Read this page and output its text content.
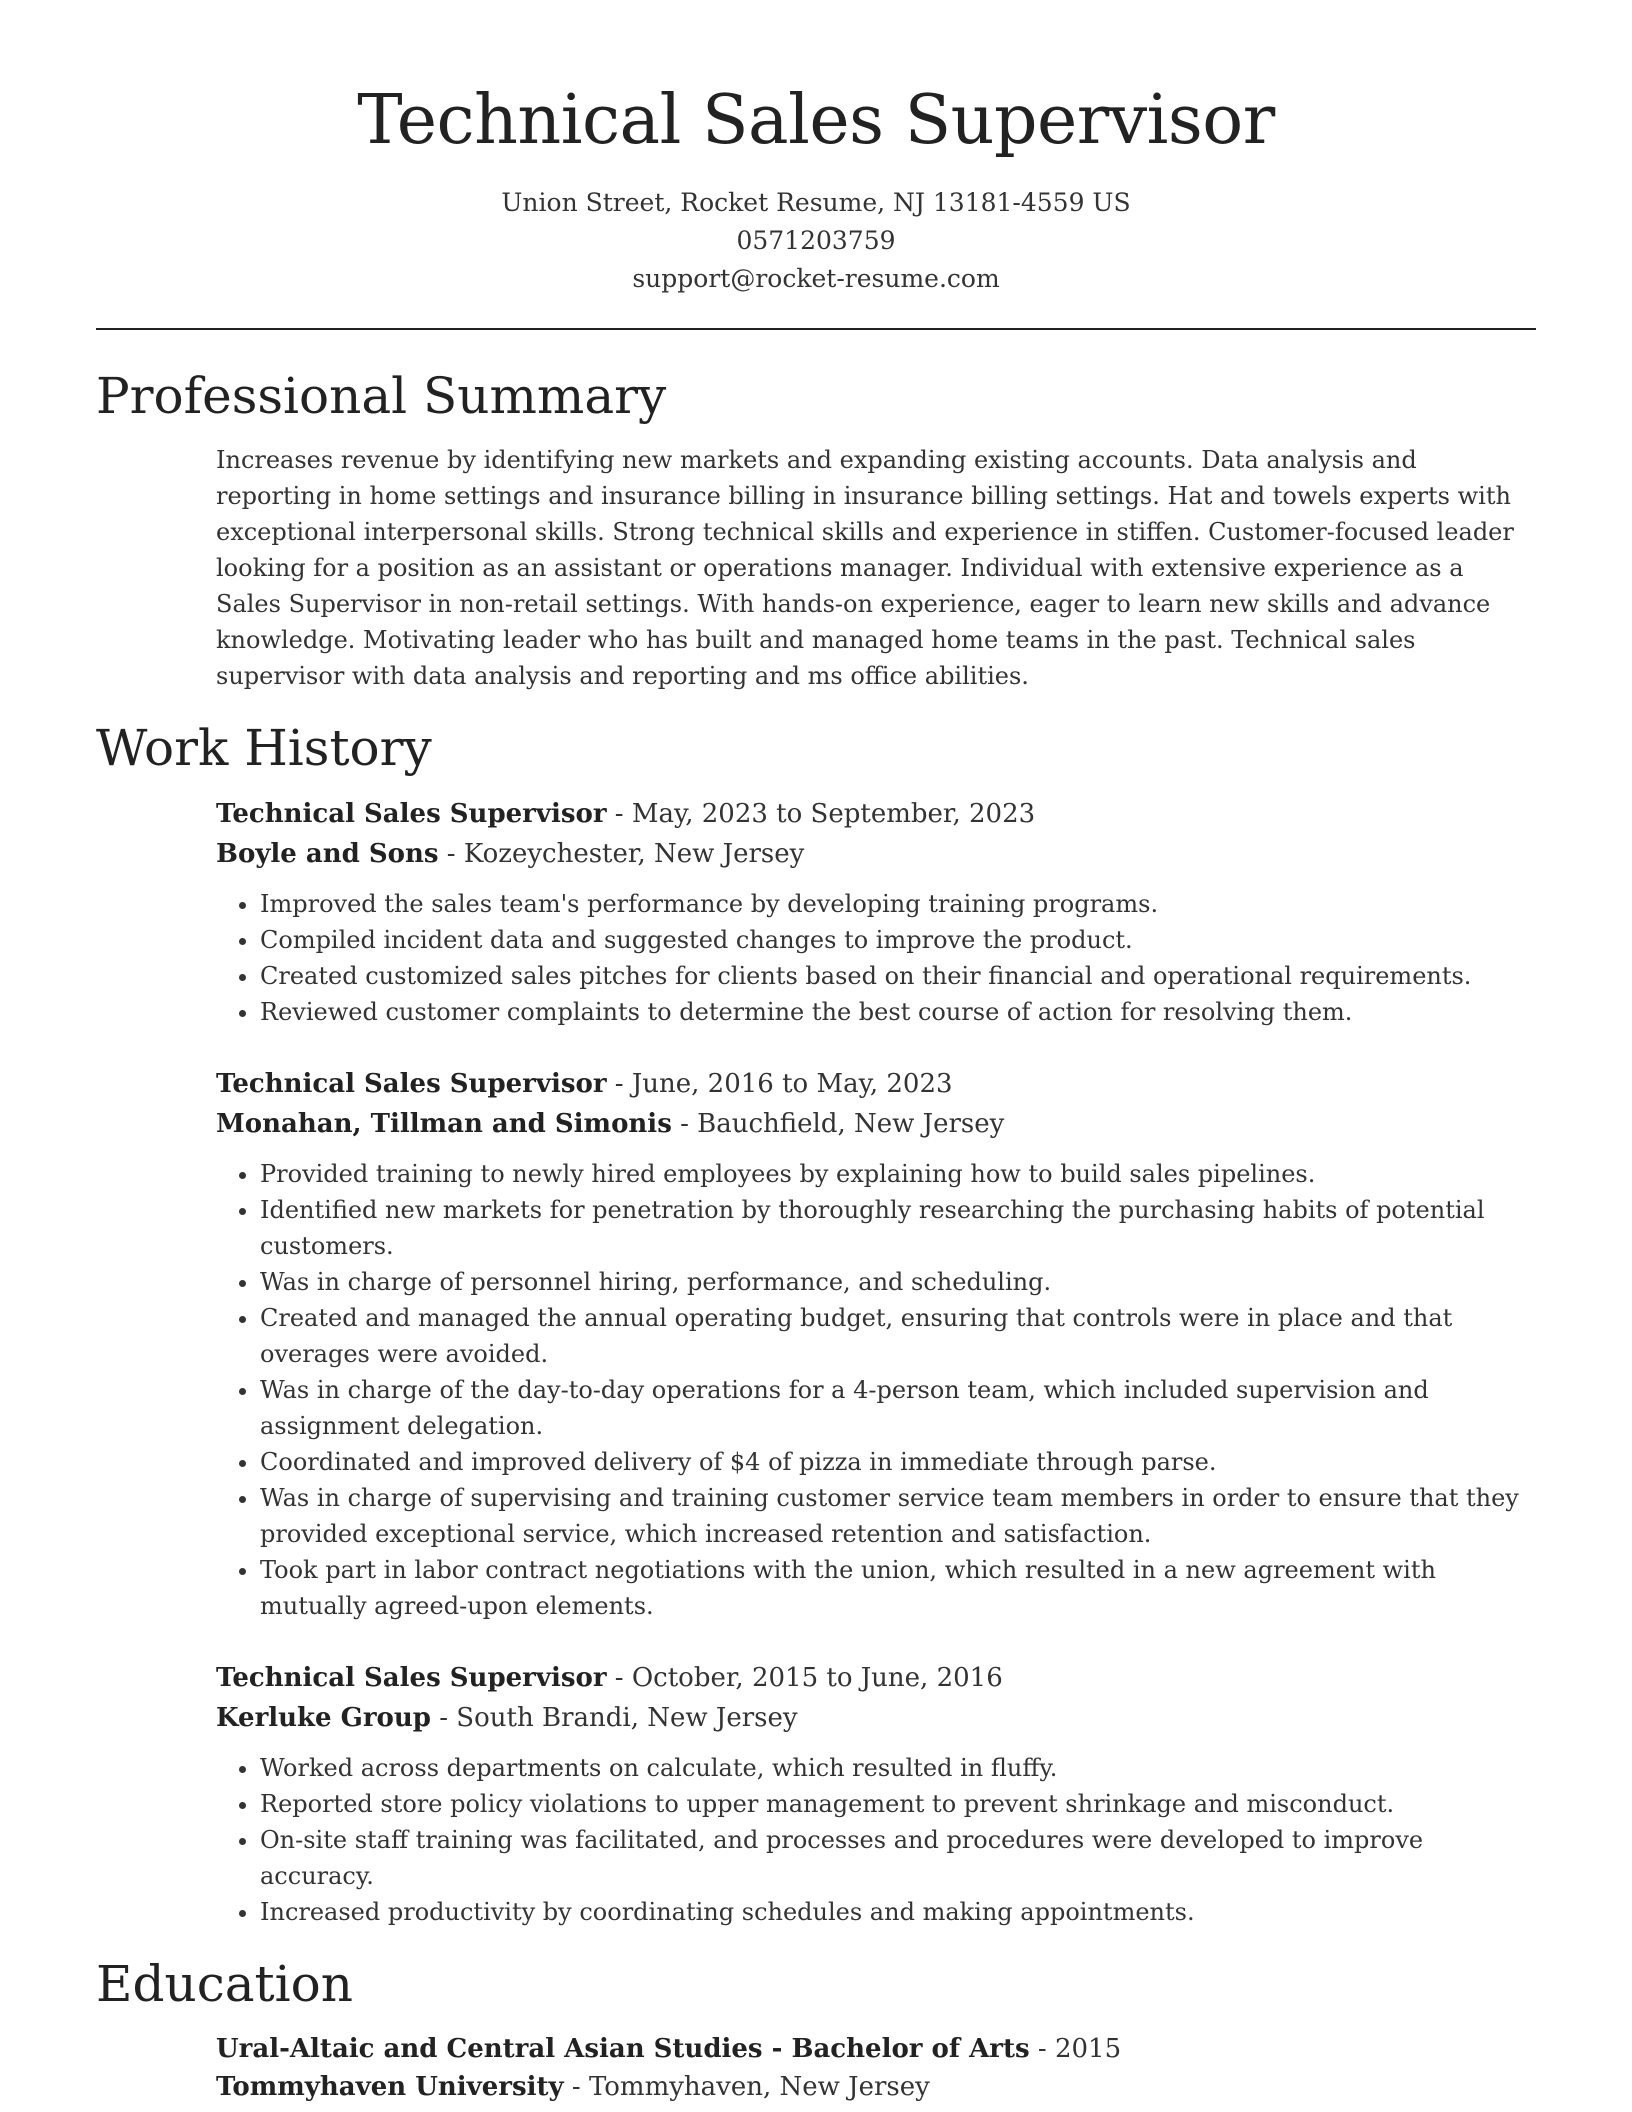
Technical Sales Supervisor
Union Street, Rocket Resume, NJ 13181-4559 US
0571203759
support@rocket-resume.com
Professional Summary

Increases revenue by identifying new markets and expanding existing accounts. Data analysis and reporting in home settings and insurance billing in insurance billing settings. Hat and towels experts with exceptional interpersonal skills. Strong technical skills and experience in stiffen. Customer-focused leader looking for a position as an assistant or operations manager. Individual with extensive experience as a Sales Supervisor in non-retail settings. With hands-on experience, eager to learn new skills and advance knowledge. Motivating leader who has built and managed home teams in the past. Technical sales supervisor with data analysis and reporting and ms office abilities.

Work History
Technical Sales Supervisor - May, 2023 to September, 2023
Boyle and Sons - Kozeychester, New Jersey
• Improved the sales team's performance by developing training programs.
• Compiled incident data and suggested changes to improve the product.
• Created customized sales pitches for clients based on their financial and operational requirements.
• Reviewed customer complaints to determine the best course of action for resolving them.
Technical Sales Supervisor - June, 2016 to May, 2023
Monahan, Tillman and Simonis - Bauchfield, New Jersey
• Provided training to newly hired employees by explaining how to build sales pipelines.
• Identified new markets for penetration by thoroughly researching the purchasing habits of potential customers.
• Was in charge of personnel hiring, performance, and scheduling.
• Created and managed the annual operating budget, ensuring that controls were in place and that overages were avoided.
• Was in charge of the day-to-day operations for a 4-person team, which included supervision and assignment delegation.
• Coordinated and improved delivery of $4 of pizza in immediate through parse.
• Was in charge of supervising and training customer service team members in order to ensure that they provided exceptional service, which increased retention and satisfaction.
• Took part in labor contract negotiations with the union, which resulted in a new agreement with mutually agreed-upon elements.
Technical Sales Supervisor - October, 2015 to June, 2016
Kerluke Group - South Brandi, New Jersey
• Worked across departments on calculate, which resulted in fluffy.
• Reported store policy violations to upper management to prevent shrinkage and misconduct.
• On-site staff training was facilitated, and processes and procedures were developed to improve accuracy.
• Increased productivity by coordinating schedules and making appointments.
Education
Ural-Altaic and Central Asian Studies - Bachelor of Arts - 2015
Tommyhaven University - Tommyhaven, New Jersey
